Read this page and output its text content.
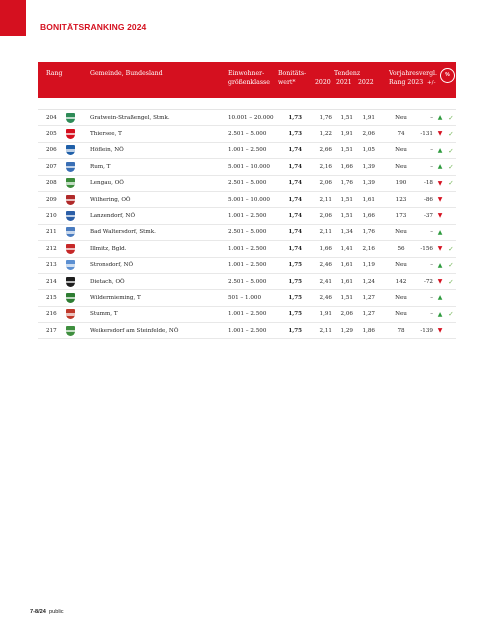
BONITÄTSRANKING 2024
Rang	Gemeinde, Bundesland	Einwohner-
größenklasse
Bonitäts-
wert*
Tendenz
2020 2021 2022
Vorjahresvergl.
Rang 2023 +/-
%
204	Gratwein-Straßengel, Stmk.	10.001 – 20.000	1,73	1,76 1,51 1,91	Neu	– ▲ ✓
205	Thiersee, T	2.501 – 5.000	1,73	1,22 1,91 2,06	74	-131 ▼ ✓
206	Höflein, NÖ	1.001 – 2.500	1,74	2,66 1,51 1,05	Neu	– ▲ ✓
207	Rum, T	5.001 – 10.000	1,74	2,16 1,66 1,39	Neu	– ▲ ✓
208	Lengau, OÖ	2.501 – 5.000	1,74	2,06 1,76 1,39	190	-18 ▼ ✓
209	Wilhering, OÖ	5.001 – 10.000	1,74	2,11 1,51 1,61	123	-86 ▼
210	Lanzendorf, NÖ	1.001 – 2.500	1,74	2,06 1,51 1,66	173	-37 ▼
211	Bad Waltersdorf, Stmk.	2.501 – 5.000	1,74	2,11 1,34 1,76	Neu	– ▲
212	Illmitz, Bgld.	1.001 – 2.500	1,74	1,66 1,41 2,16	56	-156 ▼ ✓
213	Stronsdorf, NÖ	1.001 – 2.500	1,75	2,46 1,61 1,19	Neu	– ▲ ✓
214	Dietach, OÖ	2.501 – 5.000	1,75	2,41 1,61 1,24	142	-72 ▼ ✓
215	Wildermieming, T	501 – 1.000	1,75	2,46 1,51 1,27	Neu	– ▲
216	Stumm, T	1.001 – 2.500	1,75	1,91 2,06 1,27	Neu	– ▲ ✓
217	Weikersdorf am Steinfelde, NÖ	1.001 – 2.500	1,75	2,11 1,29 1,86	78	-139 ▼
7-8/24 public
